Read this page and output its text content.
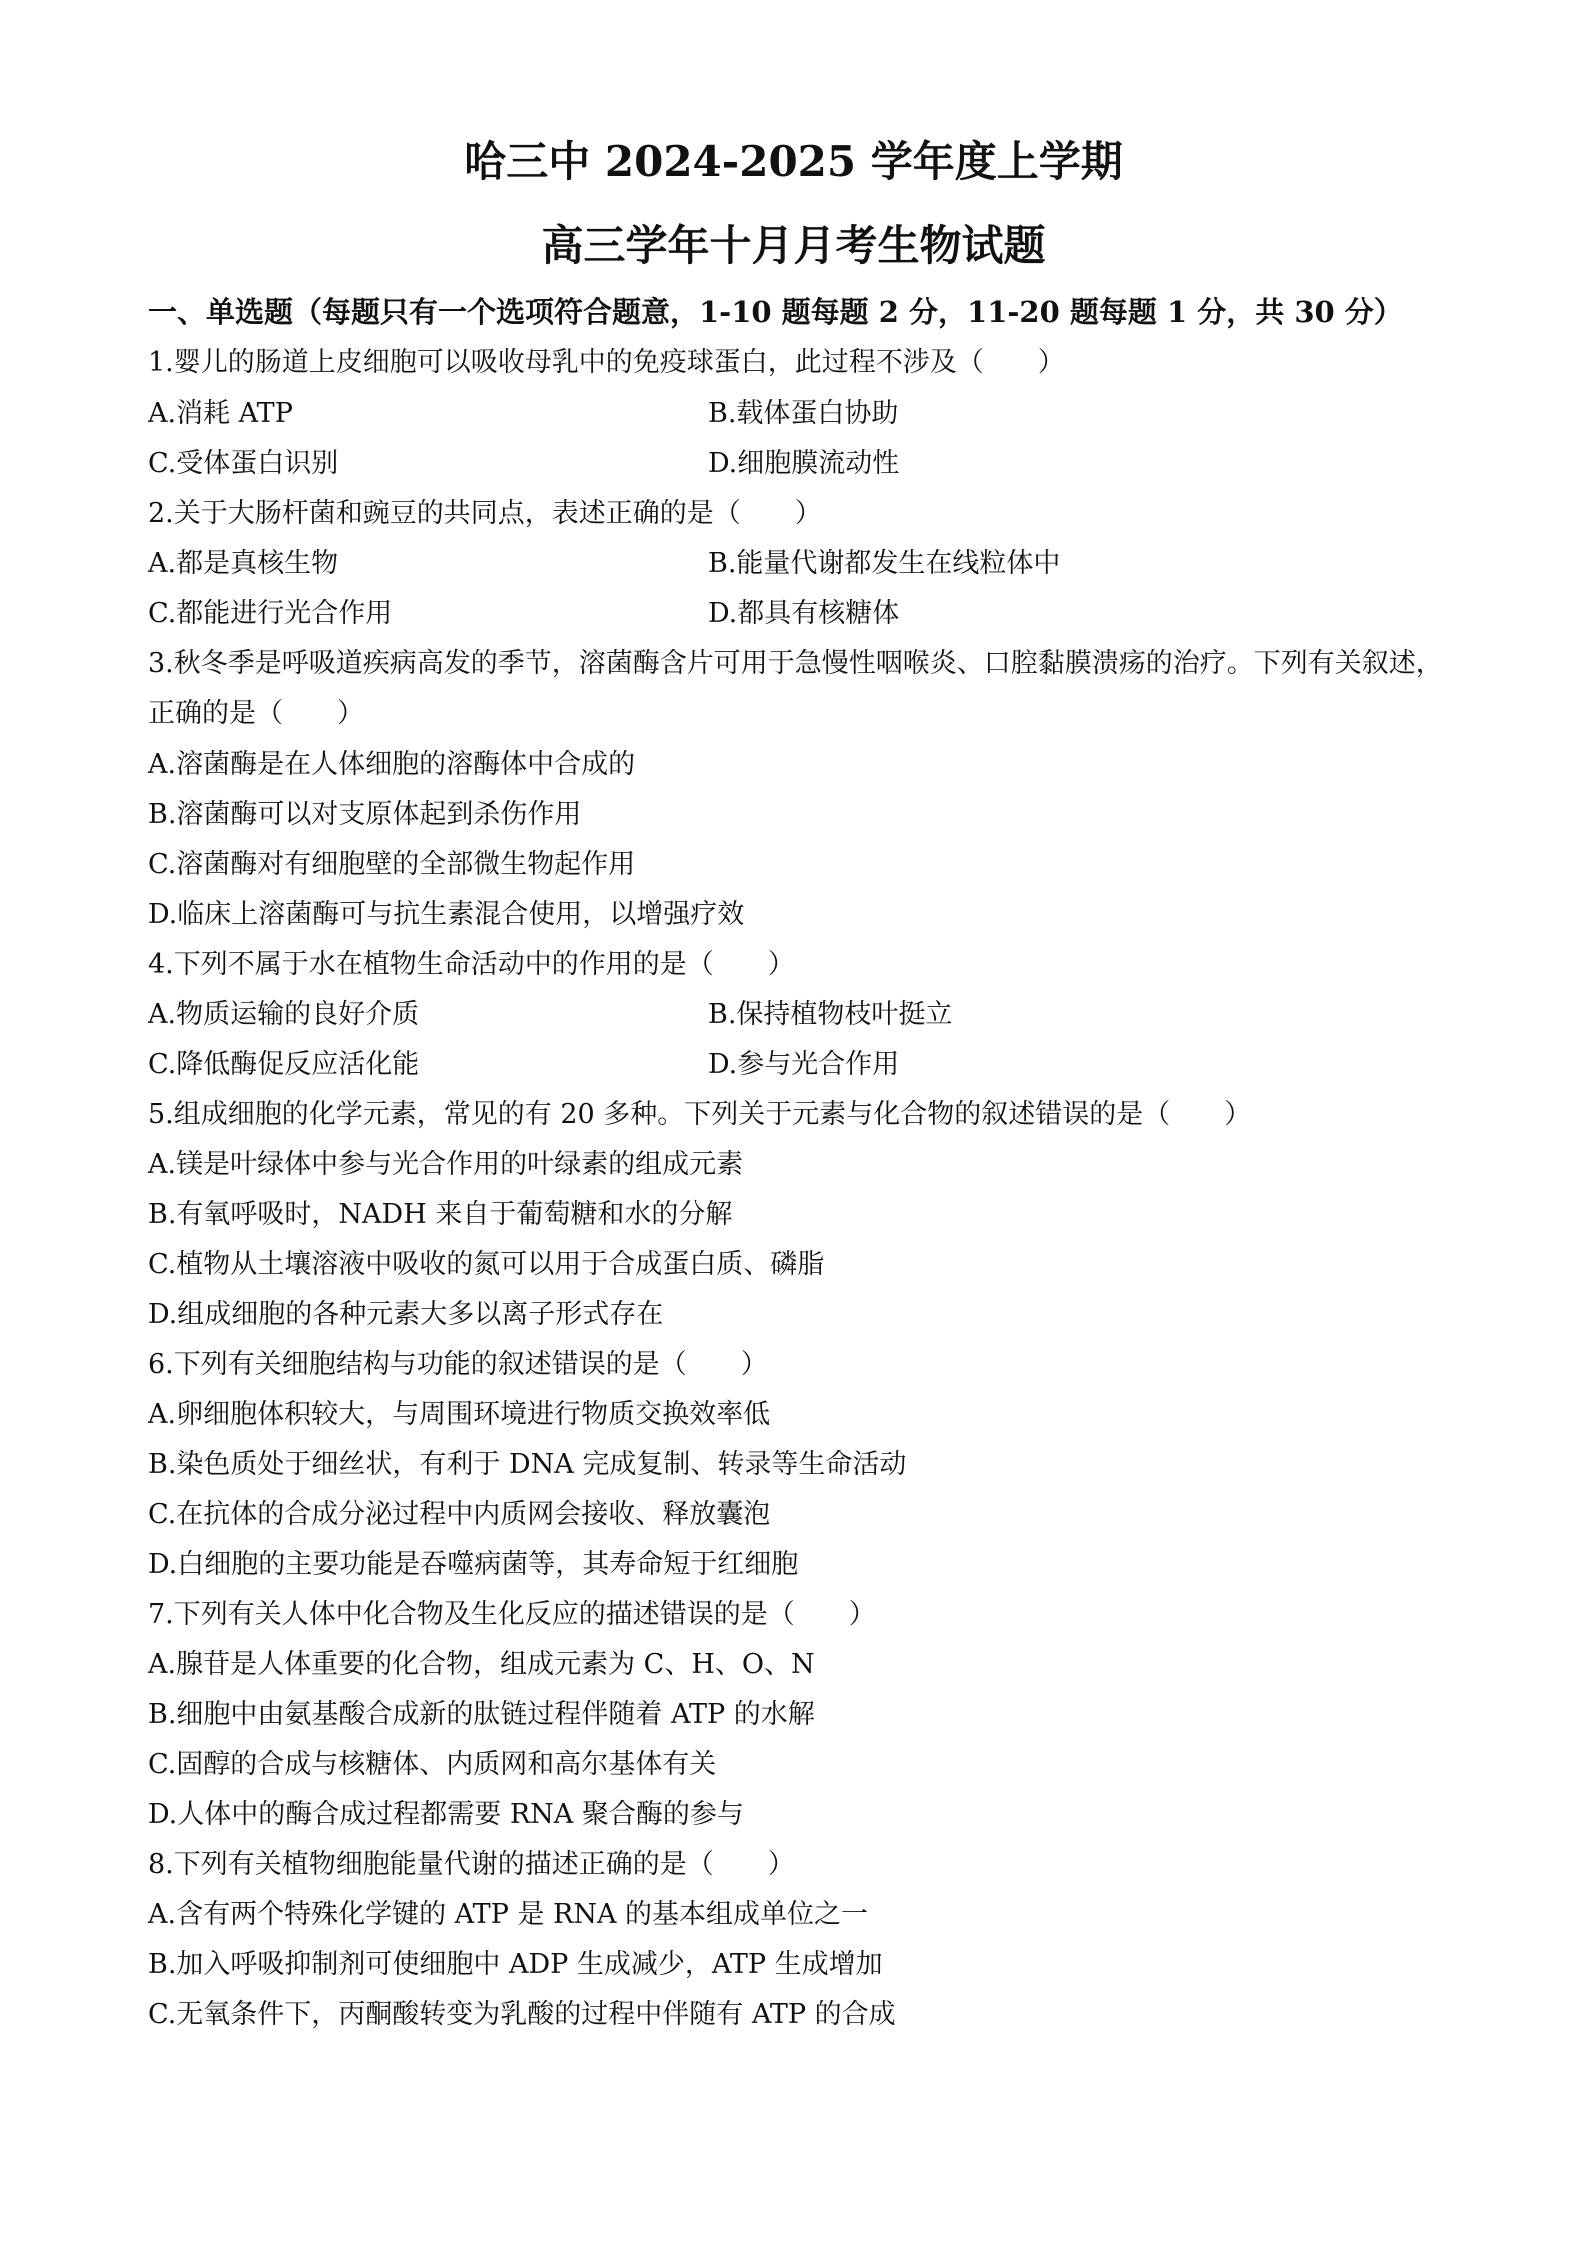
哈三中 2024-2025 学年度上学期
高三学年十月月考生物试题
一、单选题（每题只有一个选项符合题意，1-10 题每题 2 分，11-20 题每题 1 分，共 30 分）
1.婴儿的肠道上皮细胞可以吸收母乳中的免疫球蛋白，此过程不涉及（　　）
A.消耗 ATP	B.载体蛋白协助
C.受体蛋白识别	D.细胞膜流动性
2.关于大肠杆菌和豌豆的共同点，表述正确的是（　　）
A.都是真核生物	B.能量代谢都发生在线粒体中
C.都能进行光合作用	D.都具有核糖体
3.秋冬季是呼吸道疾病高发的季节，溶菌酶含片可用于急慢性咽喉炎、口腔黏膜溃疡的治疗。下列有关叙述，
正确的是（　　）
A.溶菌酶是在人体细胞的溶酶体中合成的
B.溶菌酶可以对支原体起到杀伤作用
C.溶菌酶对有细胞壁的全部微生物起作用
D.临床上溶菌酶可与抗生素混合使用，以增强疗效
4.下列不属于水在植物生命活动中的作用的是（　　）
A.物质运输的良好介质	B.保持植物枝叶挺立
C.降低酶促反应活化能	D.参与光合作用
5.组成细胞的化学元素，常见的有 20 多种。下列关于元素与化合物的叙述错误的是（　　）
A.镁是叶绿体中参与光合作用的叶绿素的组成元素
B.有氧呼吸时，NADH 来自于葡萄糖和水的分解
C.植物从土壤溶液中吸收的氮可以用于合成蛋白质、磷脂
D.组成细胞的各种元素大多以离子形式存在
6.下列有关细胞结构与功能的叙述错误的是（　　）
A.卵细胞体积较大，与周围环境进行物质交换效率低
B.染色质处于细丝状，有利于 DNA 完成复制、转录等生命活动
C.在抗体的合成分泌过程中内质网会接收、释放囊泡
D.白细胞的主要功能是吞噬病菌等，其寿命短于红细胞
7.下列有关人体中化合物及生化反应的描述错误的是（　　）
A.腺苷是人体重要的化合物，组成元素为 C、H、O、N
B.细胞中由氨基酸合成新的肽链过程伴随着 ATP 的水解
C.固醇的合成与核糖体、内质网和高尔基体有关
D.人体中的酶合成过程都需要 RNA 聚合酶的参与
8.下列有关植物细胞能量代谢的描述正确的是（　　）
A.含有两个特殊化学键的 ATP 是 RNA 的基本组成单位之一
B.加入呼吸抑制剂可使细胞中 ADP 生成减少，ATP 生成增加
C.无氧条件下，丙酮酸转变为乳酸的过程中伴随有 ATP 的合成
